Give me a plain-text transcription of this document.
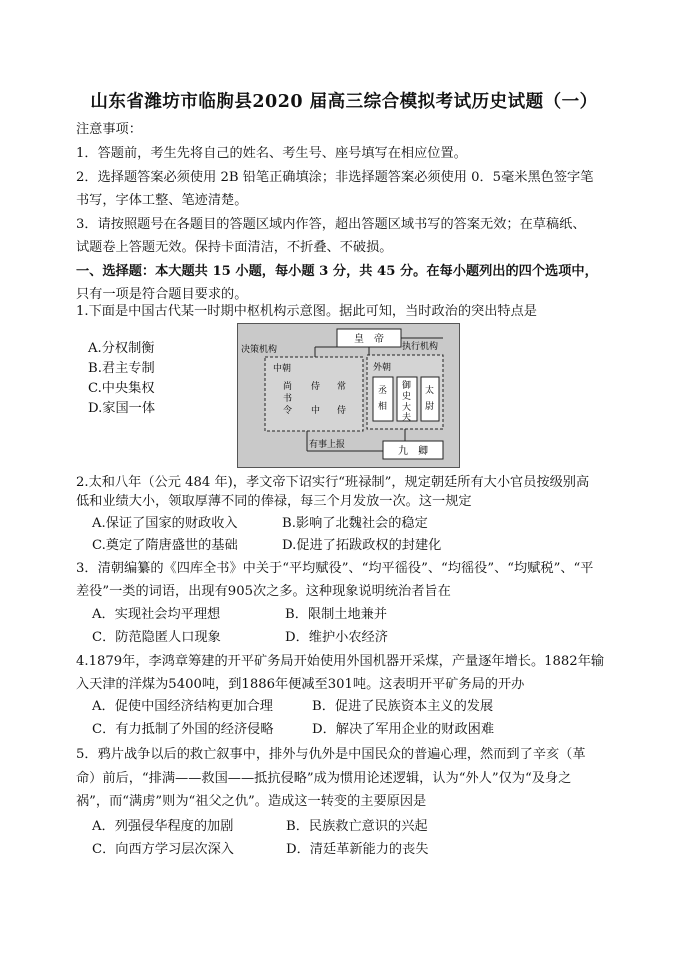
山东省潍坊市临朐县2020 届高三综合模拟考试历史试题（一）
注意事项：
1．答题前，考生先将自己的姓名、考生号、座号填写在相应位置。
2．选择题答案必须使用 2B 铅笔正确填涂；非选择题答案必须使用 0．5毫米黑色签字笔
书写，字体工整、笔迹清楚。
3．请按照题号在各题目的答题区域内作答，超出答题区域书写的答案无效；在草稿纸、
试题卷上答题无效。保持卡面清洁，不折叠、不破损。
一、选择题：本大题共 15 小题，每小题 3 分，共 45 分。在每小题列出的四个选项中，
只有一项是符合题目要求的。
1.下面是中国古代某一时期中枢机构示意图。据此可知，当时政治的突出特点是
A.分权制衡
B.君主专制
C.中央集权
D.家国一体
皇　帝
决策机构	执行机构
中朝
尚书令
侍中
常侍
外朝
丞相
御史大夫
太尉
有事上报
九　卿
2.太和八年（公元 484 年)，孝文帝下诏实行“班禄制”，规定朝廷所有大小官员按级别高
低和业绩大小，领取厚薄不同的俸禄，每三个月发放一次。这一规定
A.保证了国家的财政收入	B.影响了北魏社会的稳定
C.奠定了隋唐盛世的基础	D.促进了拓跋政权的封建化
3．清朝编纂的《四库全书》中关于“平均赋役”、“均平徭役”、“均徭役”、“均赋税”、“平
差役”一类的词语，出现有905次之多。这种现象说明统治者旨在
A．实现社会均平理想	B．限制土地兼并
C．防范隐匿人口现象	D．维护小农经济
4.1879年，李鸿章筹建的开平矿务局开始使用外国机器开采煤，产量逐年增长。1882年输
入天津的洋煤为5400吨，到1886年便减至301吨。这表明开平矿务局的开办
A．促使中国经济结构更加合理	B．促进了民族资本主义的发展
C．有力抵制了外国的经济侵略	D．解决了军用企业的财政困难
5．鸦片战争以后的救亡叙事中，排外与仇外是中国民众的普遍心理，然而到了辛亥（革
命）前后，“排满——救国——抵抗侵略”成为惯用论述逻辑，认为“外人”仅为“及身之
祸”，而“满虏”则为“祖父之仇”。造成这一转变的主要原因是
A．列强侵华程度的加剧	B．民族救亡意识的兴起
C．向西方学习层次深入	D．清廷革新能力的丧失
